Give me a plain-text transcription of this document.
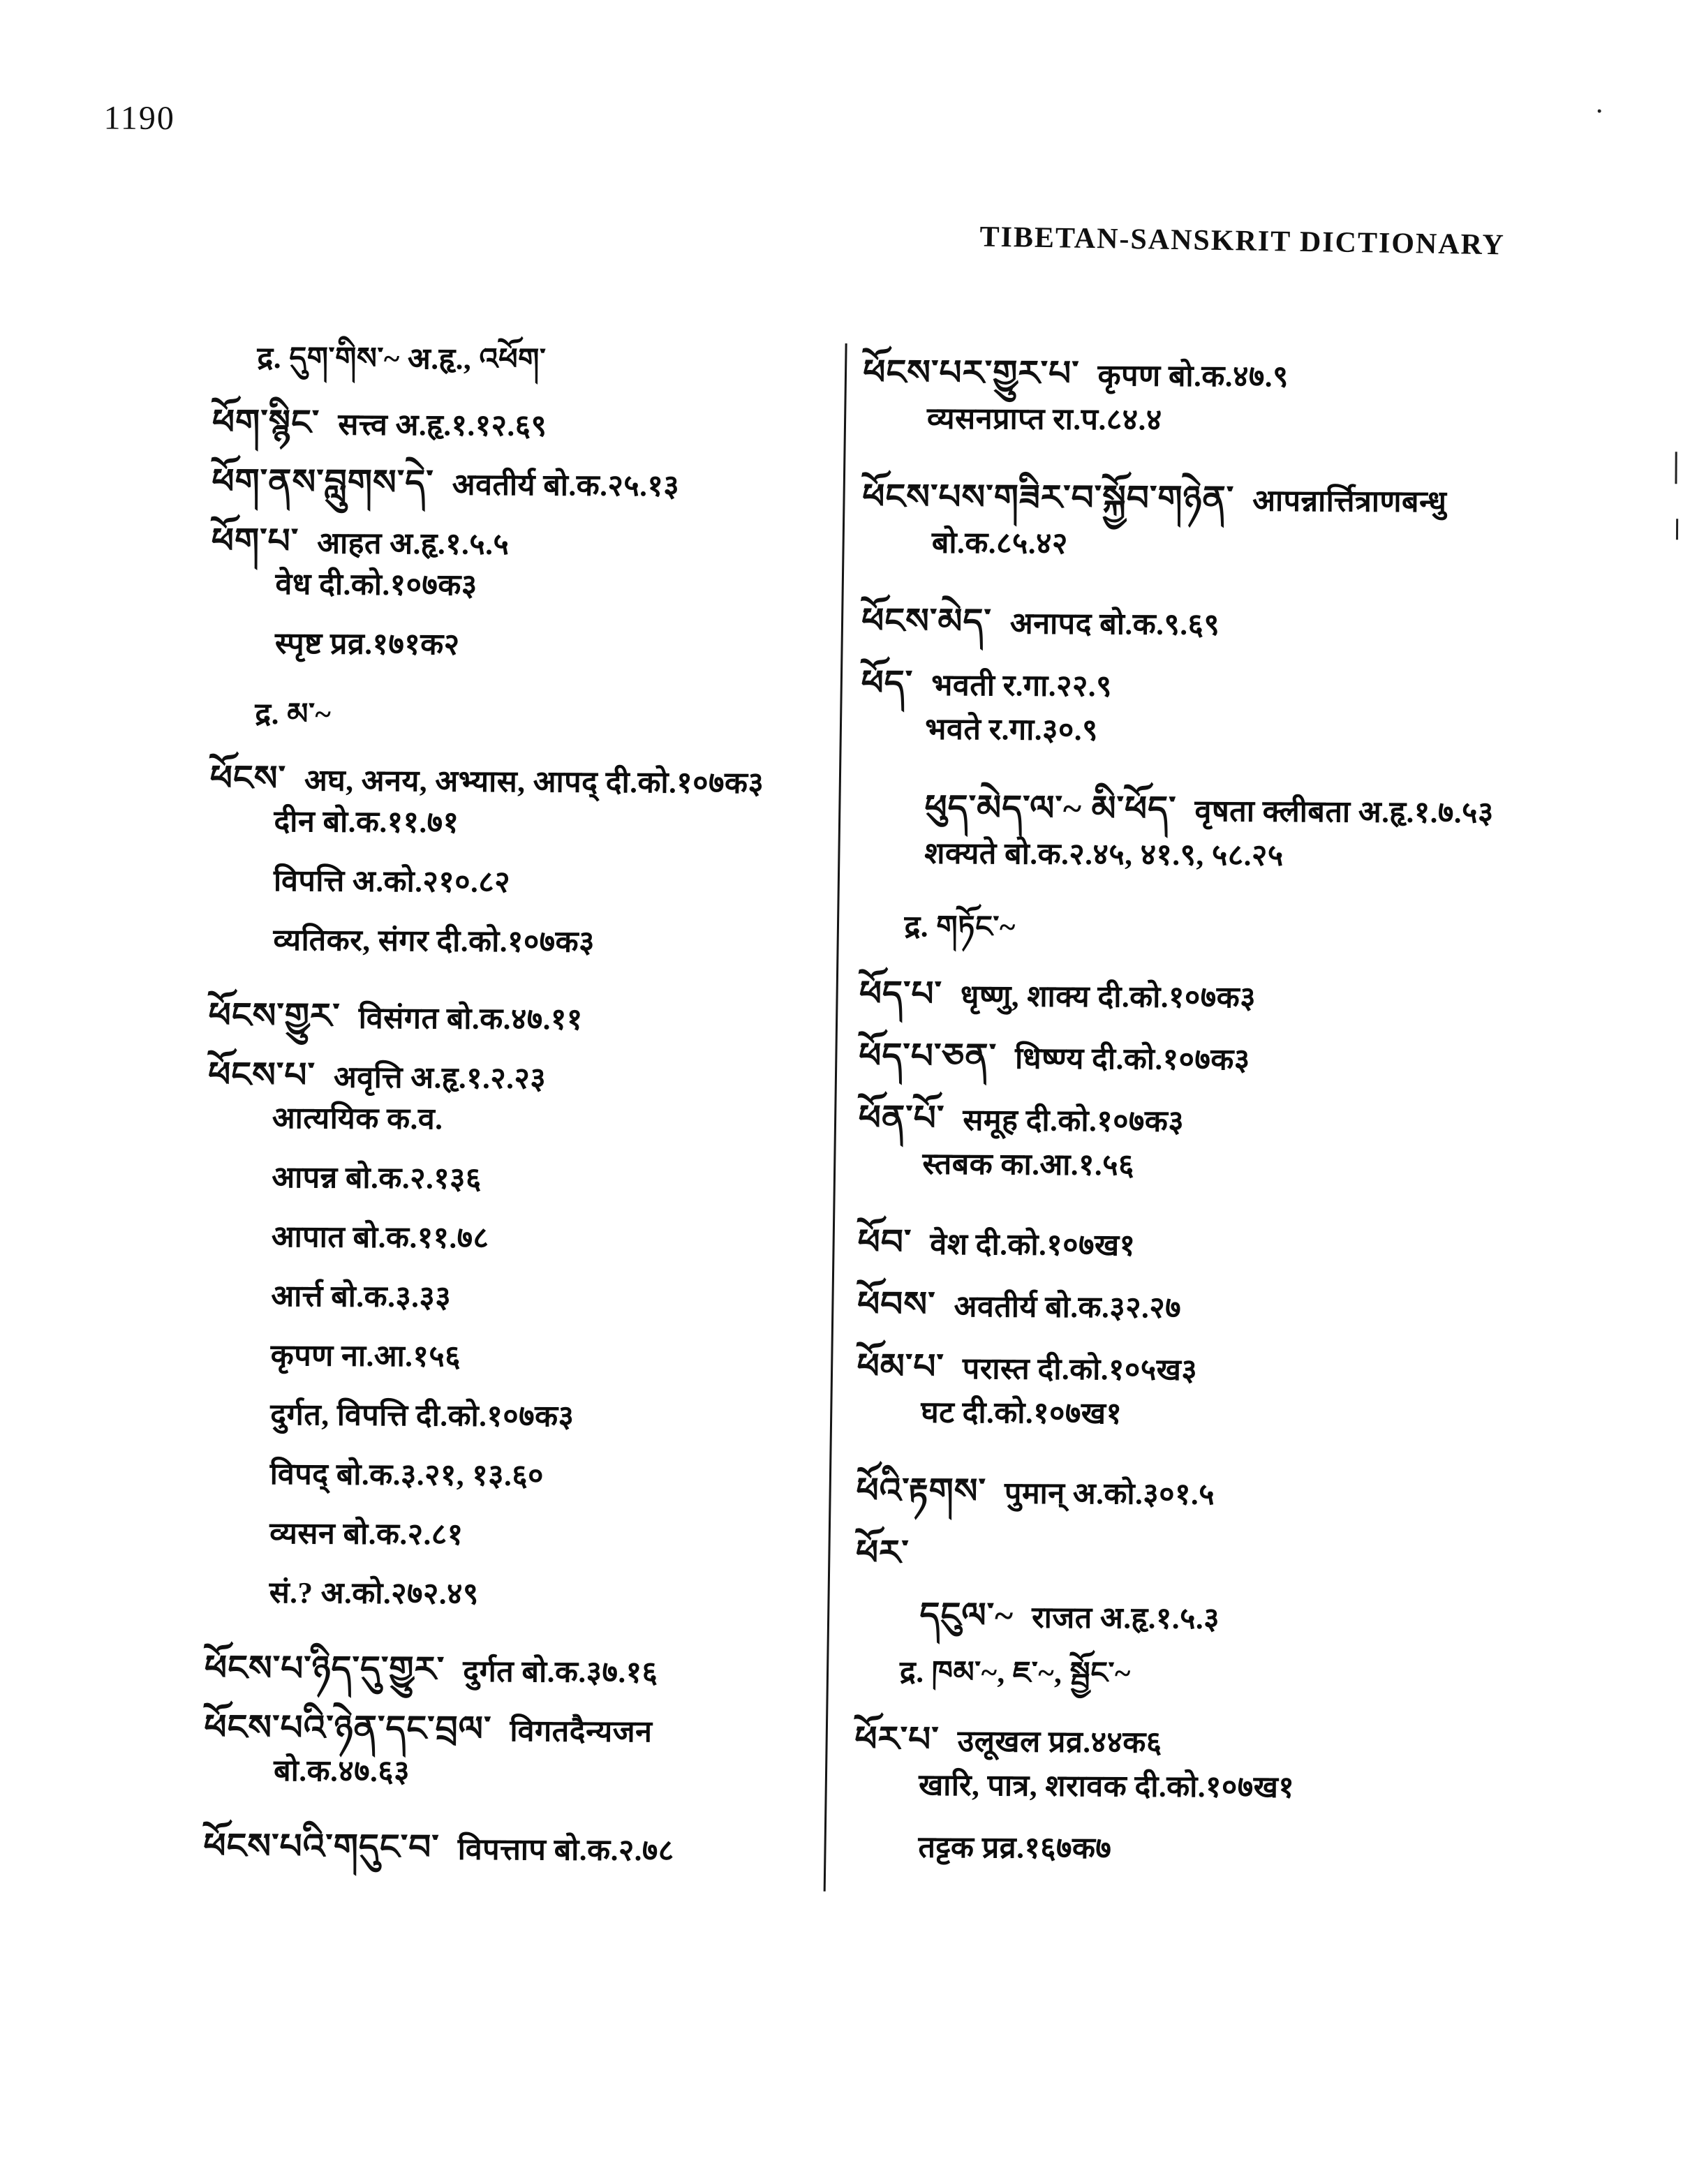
1190
TIBETAN-SANSKRIT DICTIONARY
द्र. དུག་གིས་~ अ.हृ., འཕོག་
ཕོག་སྙིང་ सत्त्व अ.हृ.१.१२.६९
ཕོག་ནས་བླུགས་དེ་ अवतीर्य बो.क.२५.१३
ཕོག་པ་ आहत अ.हृ.१.५.५
वेध दी.को.१०७क३
स्पृष्ट प्रव्र.१७१क२
द्र. མ་~
ཕོངས་ अघ, अनय, अभ्यास, आपद् दी.को.१०७क३
दीन बो.क.११.७१
विपत्ति अ.को.२१०.८२
व्यतिकर, संगर दी.को.१०७क३
ཕོངས་གྱུར་ विसंगत बो.क.४७.११
ཕོངས་པ་ अवृत्ति अ.हृ.१.२.२३
आत्ययिक क.व.
आपन्न बो.क.२.१३६
आपात बो.क.११.७८
आर्त्त बो.क.३.३३
कृपण ना.आ.१५६
दुर्गत, विपत्ति दी.को.१०७क३
विपद् बो.क.३.२१, १३.६०
व्यसन बो.क.२.८१
सं.? अ.को.२७२.४९
ཕོངས་པ་ཉིད་དུ་གྱུར་ दुर्गत बो.क.३७.१६
ཕོངས་པའི་ཉེན་དང་བྲལ་ विगतदैन्यजन
बो.क.४७.६३
ཕོངས་པའི་གདུང་བ་ विपत्ताप बो.क.२.७८
ཕོངས་པར་གྱུར་པ་ कृपण बो.क.४७.९
व्यसनप्राप्त रा.प.८४.४
ཕོངས་པས་གཟིར་བ་སྐྱོབ་གཉེན་ आपन्नार्त्तित्राणबन्धु
बो.क.८५.४२
ཕོངས་མེད་ अनापद बो.क.९.६९
ཕོད་ भवती र.गा.२२.९
भवते र.गा.३०.९
ཕུད་མེད་ལ་~ མི་ཕོད་ वृषता क्लीबता अ.हृ.१.७.५३
शक्यते बो.क.२.४५, ४१.९, ५८.२५
द्र. གཏོང་~
ཕོད་པ་ धृष्णु, शाक्य दी.को.१०७क३
ཕོད་པ་ཅན་ धिष्ण्य दी.को.१०७क३
ཕོན་པོ་ समूह दी.को.१०७क३
स्तबक का.आ.१.५६
ཕོབ་ वेश दी.को.१०७ख१
ཕོབས་ अवतीर्य बो.क.३२.२७
ཕོམ་པ་ परास्त दी.को.१०५ख३
घट दी.को.१०७ख१
ཕོའི་རྟགས་ पुमान् अ.को.३०१.५
ཕོར་
དངུལ་~ राजत अ.हृ.१.५.३
द्र. ཁམ་~, ཇ་~, སྦྱོང་~
ཕོར་པ་ उलूखल प्रव्र.४४क६
खारि, पात्र, शरावक दी.को.१०७ख१
तट्टक प्रव्र.१६७क७
